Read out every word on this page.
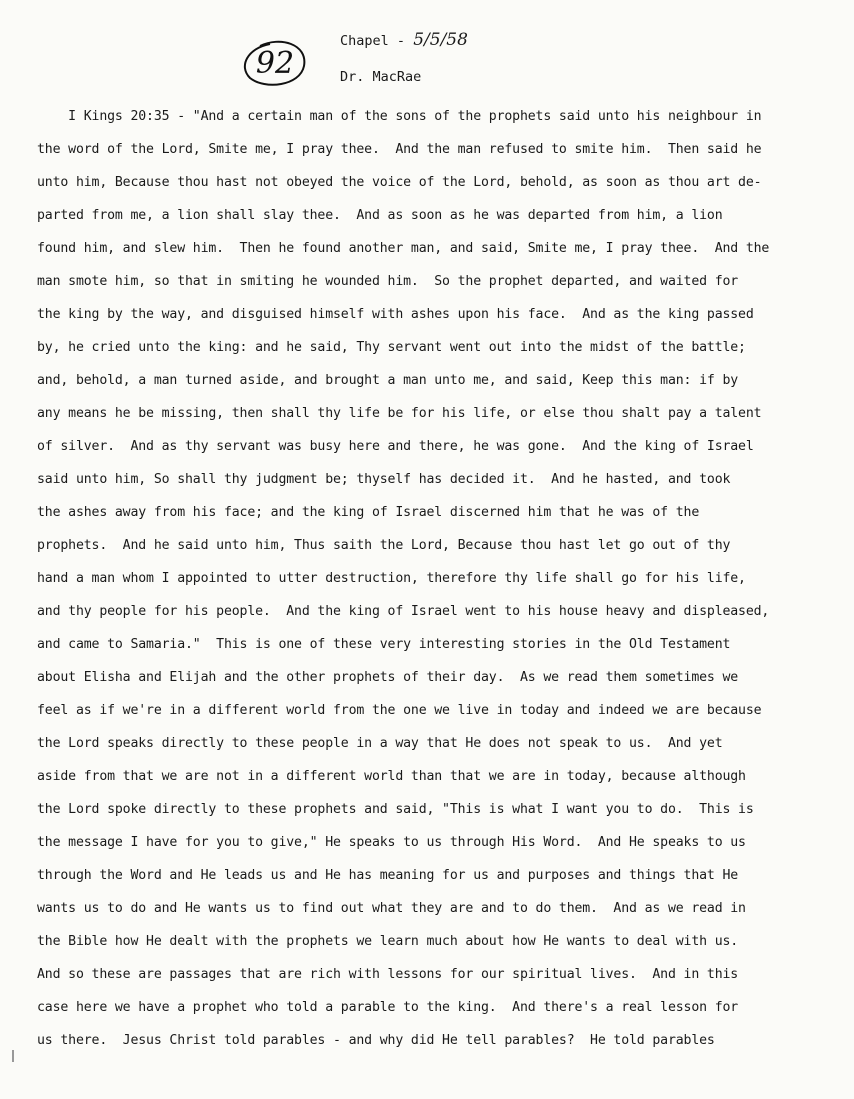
92
Chapel - 5/5/58
Dr. MacRae
I Kings 20:35 - "And a certain man of the sons of the prophets said unto his neighbour in
the word of the Lord, Smite me, I pray thee.  And the man refused to smite him.  Then said he
unto him, Because thou hast not obeyed the voice of the Lord, behold, as soon as thou art de-
parted from me, a lion shall slay thee.  And as soon as he was departed from him, a lion
found him, and slew him.  Then he found another man, and said, Smite me, I pray thee.  And the
man smote him, so that in smiting he wounded him.  So the prophet departed, and waited for
the king by the way, and disguised himself with ashes upon his face.  And as the king passed
by, he cried unto the king: and he said, Thy servant went out into the midst of the battle;
and, behold, a man turned aside, and brought a man unto me, and said, Keep this man: if by
any means he be missing, then shall thy life be for his life, or else thou shalt pay a talent
of silver.  And as thy servant was busy here and there, he was gone.  And the king of Israel
said unto him, So shall thy judgment be; thyself has decided it.  And he hasted, and took
the ashes away from his face; and the king of Israel discerned him that he was of the
prophets.  And he said unto him, Thus saith the Lord, Because thou hast let go out of thy
hand a man whom I appointed to utter destruction, therefore thy life shall go for his life,
and thy people for his people.  And the king of Israel went to his house heavy and displeased,
and came to Samaria."  This is one of these very interesting stories in the Old Testament
about Elisha and Elijah and the other prophets of their day.  As we read them sometimes we
feel as if we're in a different world from the one we live in today and indeed we are because
the Lord speaks directly to these people in a way that He does not speak to us.  And yet
aside from that we are not in a different world than that we are in today, because although
the Lord spoke directly to these prophets and said, "This is what I want you to do.  This is
the message I have for you to give," He speaks to us through His Word.  And He speaks to us
through the Word and He leads us and He has meaning for us and purposes and things that He
wants us to do and He wants us to find out what they are and to do them.  And as we read in
the Bible how He dealt with the prophets we learn much about how He wants to deal with us.
And so these are passages that are rich with lessons for our spiritual lives.  And in this
case here we have a prophet who told a parable to the king.  And there's a real lesson for
us there.  Jesus Christ told parables - and why did He tell parables?  He told parables
